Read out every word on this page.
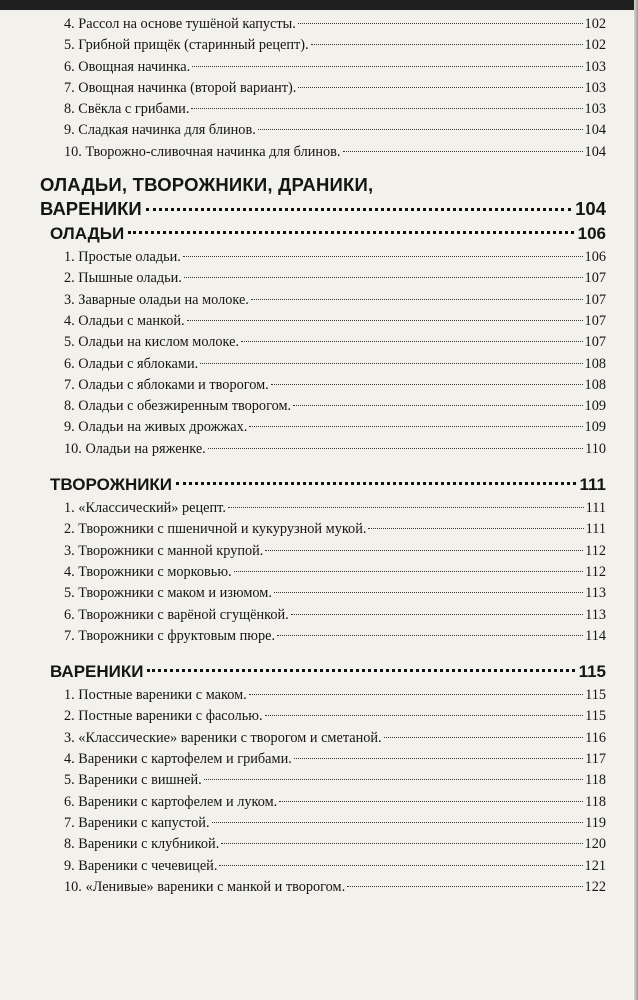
4. Рассол на основе тушёной капусты.	102
5. Грибной прищёк (старинный рецепт).	102
6. Овощная начинка.	103
7. Овощная начинка (второй вариант).	103
8. Свёкла с грибами.	103
9. Сладкая начинка для блинов.	104
10. Творожно-сливочная начинка для блинов.	104
ОЛАДЬИ, ТВОРОЖНИКИ, ДРАНИКИ,
ВАРЕНИКИ	104
ОЛАДЬИ	106
1. Простые оладьи.	106
2. Пышные оладьи.	107
3. Заварные оладьи на молоке.	107
4. Оладьи с манкой.	107
5. Оладьи на кислом молоке.	107
6. Оладьи с яблоками.	108
7. Оладьи с яблоками и творогом.	108
8. Оладьи с обезжиренным творогом.	109
9. Оладьи на живых дрожжах.	109
10. Оладьи на ряженке.	110
ТВОРОЖНИКИ	111
1. «Классический» рецепт.	111
2. Творожники с пшеничной и кукурузной мукой.	111
3. Творожники с манной крупой.	112
4. Творожники с морковью.	112
5. Творожники с маком и изюмом.	113
6. Творожники с варёной сгущёнкой.	113
7. Творожники с фруктовым пюре.	114
ВАРЕНИКИ	115
1. Постные вареники с маком.	115
2. Постные вареники с фасолью.	115
3. «Классические» вареники с творогом и сметаной.	116
4. Вареники с картофелем и грибами.	117
5. Вареники с вишней.	118
6. Вареники с картофелем и луком.	118
7. Вареники с капустой.	119
8. Вареники с клубникой.	120
9. Вареники с чечевицей.	121
10. «Ленивые» вареники с манкой и творогом.	122
